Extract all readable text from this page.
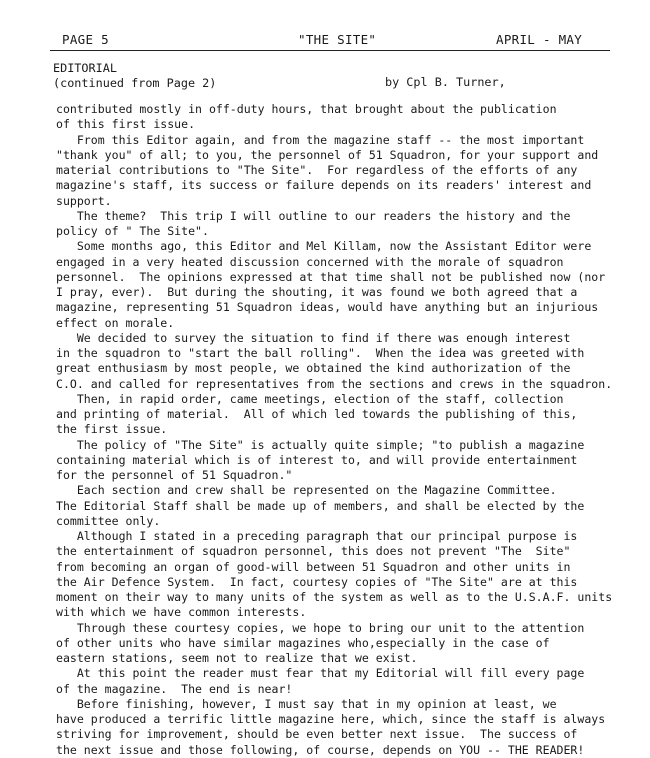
PAGE 5	"THE SITE"	APRIL - MAY
EDITORIAL
(continued from Page 2)	by Cpl B. Turner,
contributed mostly in off-duty hours, that brought about the publication
of this first issue.
From this Editor again, and from the magazine staff -- the most important
"thank you" of all; to you, the personnel of 51 Squadron, for your support and
material contributions to "The Site".  For regardless of the efforts of any
magazine's staff, its success or failure depends on its readers' interest and
support.
The theme?  This trip I will outline to our readers the history and the
policy of " The Site".
Some months ago, this Editor and Mel Killam, now the Assistant Editor were
engaged in a very heated discussion concerned with the morale of squadron
personnel.  The opinions expressed at that time shall not be published now (nor
I pray, ever).  But during the shouting, it was found we both agreed that a
magazine, representing 51 Squadron ideas, would have anything but an injurious
effect on morale.
We decided to survey the situation to find if there was enough interest
in the squadron to "start the ball rolling".  When the idea was greeted with
great enthusiasm by most people, we obtained the kind authorization of the
C.O. and called for representatives from the sections and crews in the squadron.
Then, in rapid order, came meetings, election of the staff, collection
and printing of material.  All of which led towards the publishing of this,
the first issue.
The policy of "The Site" is actually quite simple; "to publish a magazine
containing material which is of interest to, and will provide entertainment
for the personnel of 51 Squadron."
Each section and crew shall be represented on the Magazine Committee.
The Editorial Staff shall be made up of members, and shall be elected by the
committee only.
Although I stated in a preceding paragraph that our principal purpose is
the entertainment of squadron personnel, this does not prevent "The  Site"
from becoming an organ of good-will between 51 Squadron and other units in
the Air Defence System.  In fact, courtesy copies of "The Site" are at this
moment on their way to many units of the system as well as to the U.S.A.F. units
with which we have common interests.
Through these courtesy copies, we hope to bring our unit to the attention
of other units who have similar magazines who,especially in the case of
eastern stations, seem not to realize that we exist.
At this point the reader must fear that my Editorial will fill every page
of the magazine.  The end is near!
Before finishing, however, I must say that in my opinion at least, we
have produced a terrific little magazine here, which, since the staff is always
striving for improvement, should be even better next issue.  The success of
the next issue and those following, of course, depends on YOU -- THE READER!
